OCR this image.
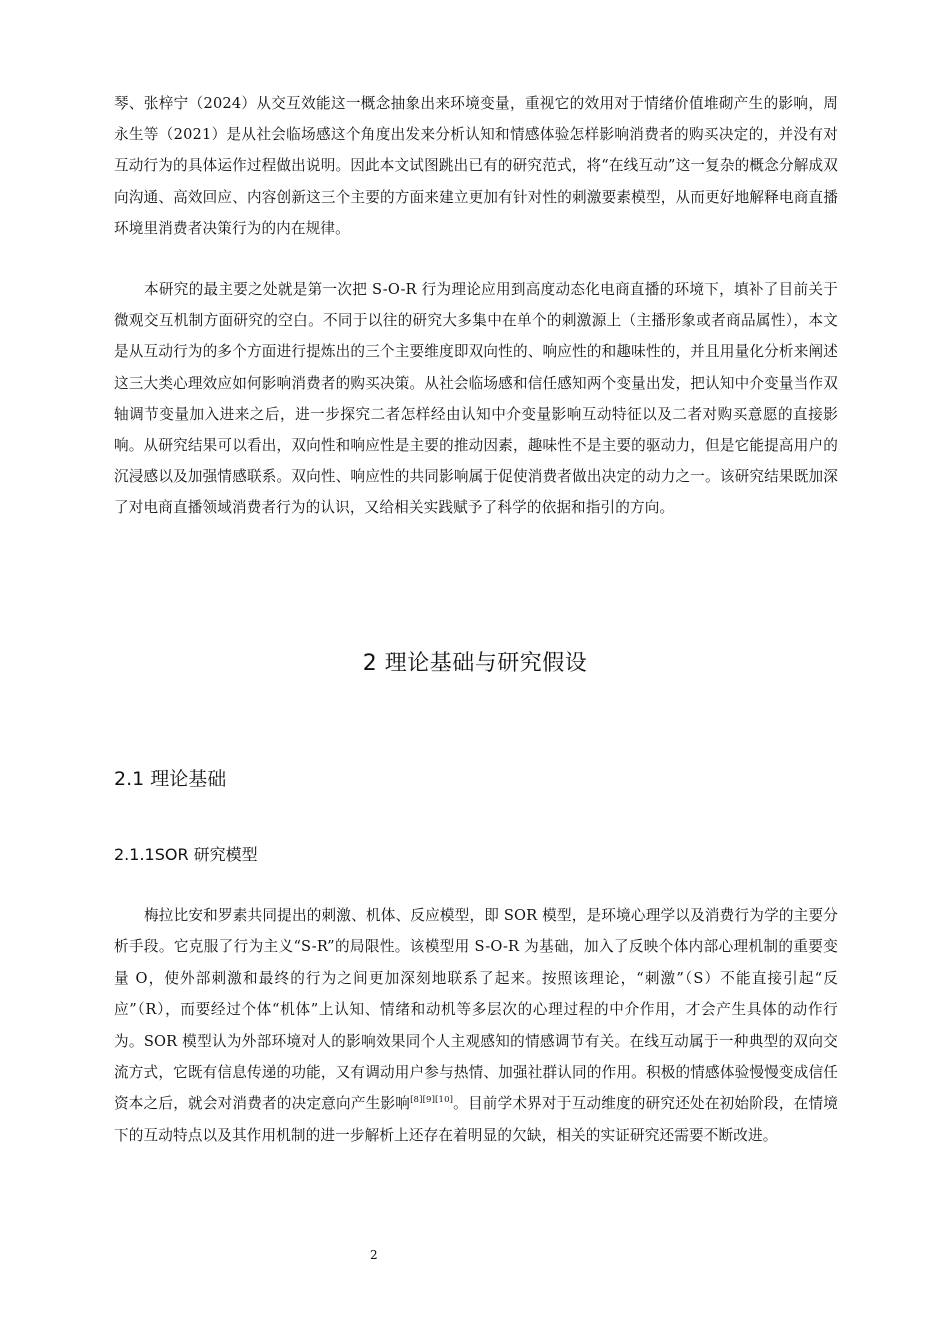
琴、张梓宁（2024）从交互效能这一概念抽象出来环境变量，重视它的效用对于情绪价值堆砌产生的影响，周永生等（2021）是从社会临场感这个角度出发来分析认知和情感体验怎样影响消费者的购买决定的，并没有对互动行为的具体运作过程做出说明。因此本文试图跳出已有的研究范式，将“在线互动”这一复杂的概念分解成双向沟通、高效回应、内容创新这三个主要的方面来建立更加有针对性的刺激要素模型，从而更好地解释电商直播环境里消费者决策行为的内在规律。

本研究的最主要之处就是第一次把 S-O-R 行为理论应用到高度动态化电商直播的环境下，填补了目前关于微观交互机制方面研究的空白。不同于以往的研究大多集中在单个的刺激源上（主播形象或者商品属性），本文是从互动行为的多个方面进行提炼出的三个主要维度即双向性的、响应性的和趣味性的，并且用量化分析来阐述这三大类心理效应如何影响消费者的购买决策。从社会临场感和信任感知两个变量出发，把认知中介变量当作双轴调节变量加入进来之后，进一步探究二者怎样经由认知中介变量影响互动特征以及二者对购买意愿的直接影响。从研究结果可以看出，双向性和响应性是主要的推动因素，趣味性不是主要的驱动力，但是它能提高用户的沉浸感以及加强情感联系。双向性、响应性的共同影响属于促使消费者做出决定的动力之一。该研究结果既加深了对电商直播领域消费者行为的认识，又给相关实践赋予了科学的依据和指引的方向。

2 理论基础与研究假设
2.1 理论基础
2.1.1SOR 研究模型

梅拉比安和罗素共同提出的刺激、机体、反应模型，即 SOR 模型，是环境心理学以及消费行为学的主要分析手段。它克服了行为主义“S-R”的局限性。该模型用 S-O-R 为基础，加入了反映个体内部心理机制的重要变量 O，使外部刺激和最终的行为之间更加深刻地联系了起来。按照该理论，“刺激”（S）不能直接引起“反应”（R），而要经过个体“机体”上认知、情绪和动机等多层次的心理过程的中介作用，才会产生具体的动作行为。SOR 模型认为外部环境对人的影响效果同个人主观感知的情感调节有关。在线互动属于一种典型的双向交流方式，它既有信息传递的功能，又有调动用户参与热情、加强社群认同的作用。积极的情感体验慢慢变成信任资本之后，就会对消费者的决定意向产生影响[8][9][10]。目前学术界对于互动维度的研究还处在初始阶段，在情境下的互动特点以及其作用机制的进一步解析上还存在着明显的欠缺，相关的实证研究还需要不断改进。

2
